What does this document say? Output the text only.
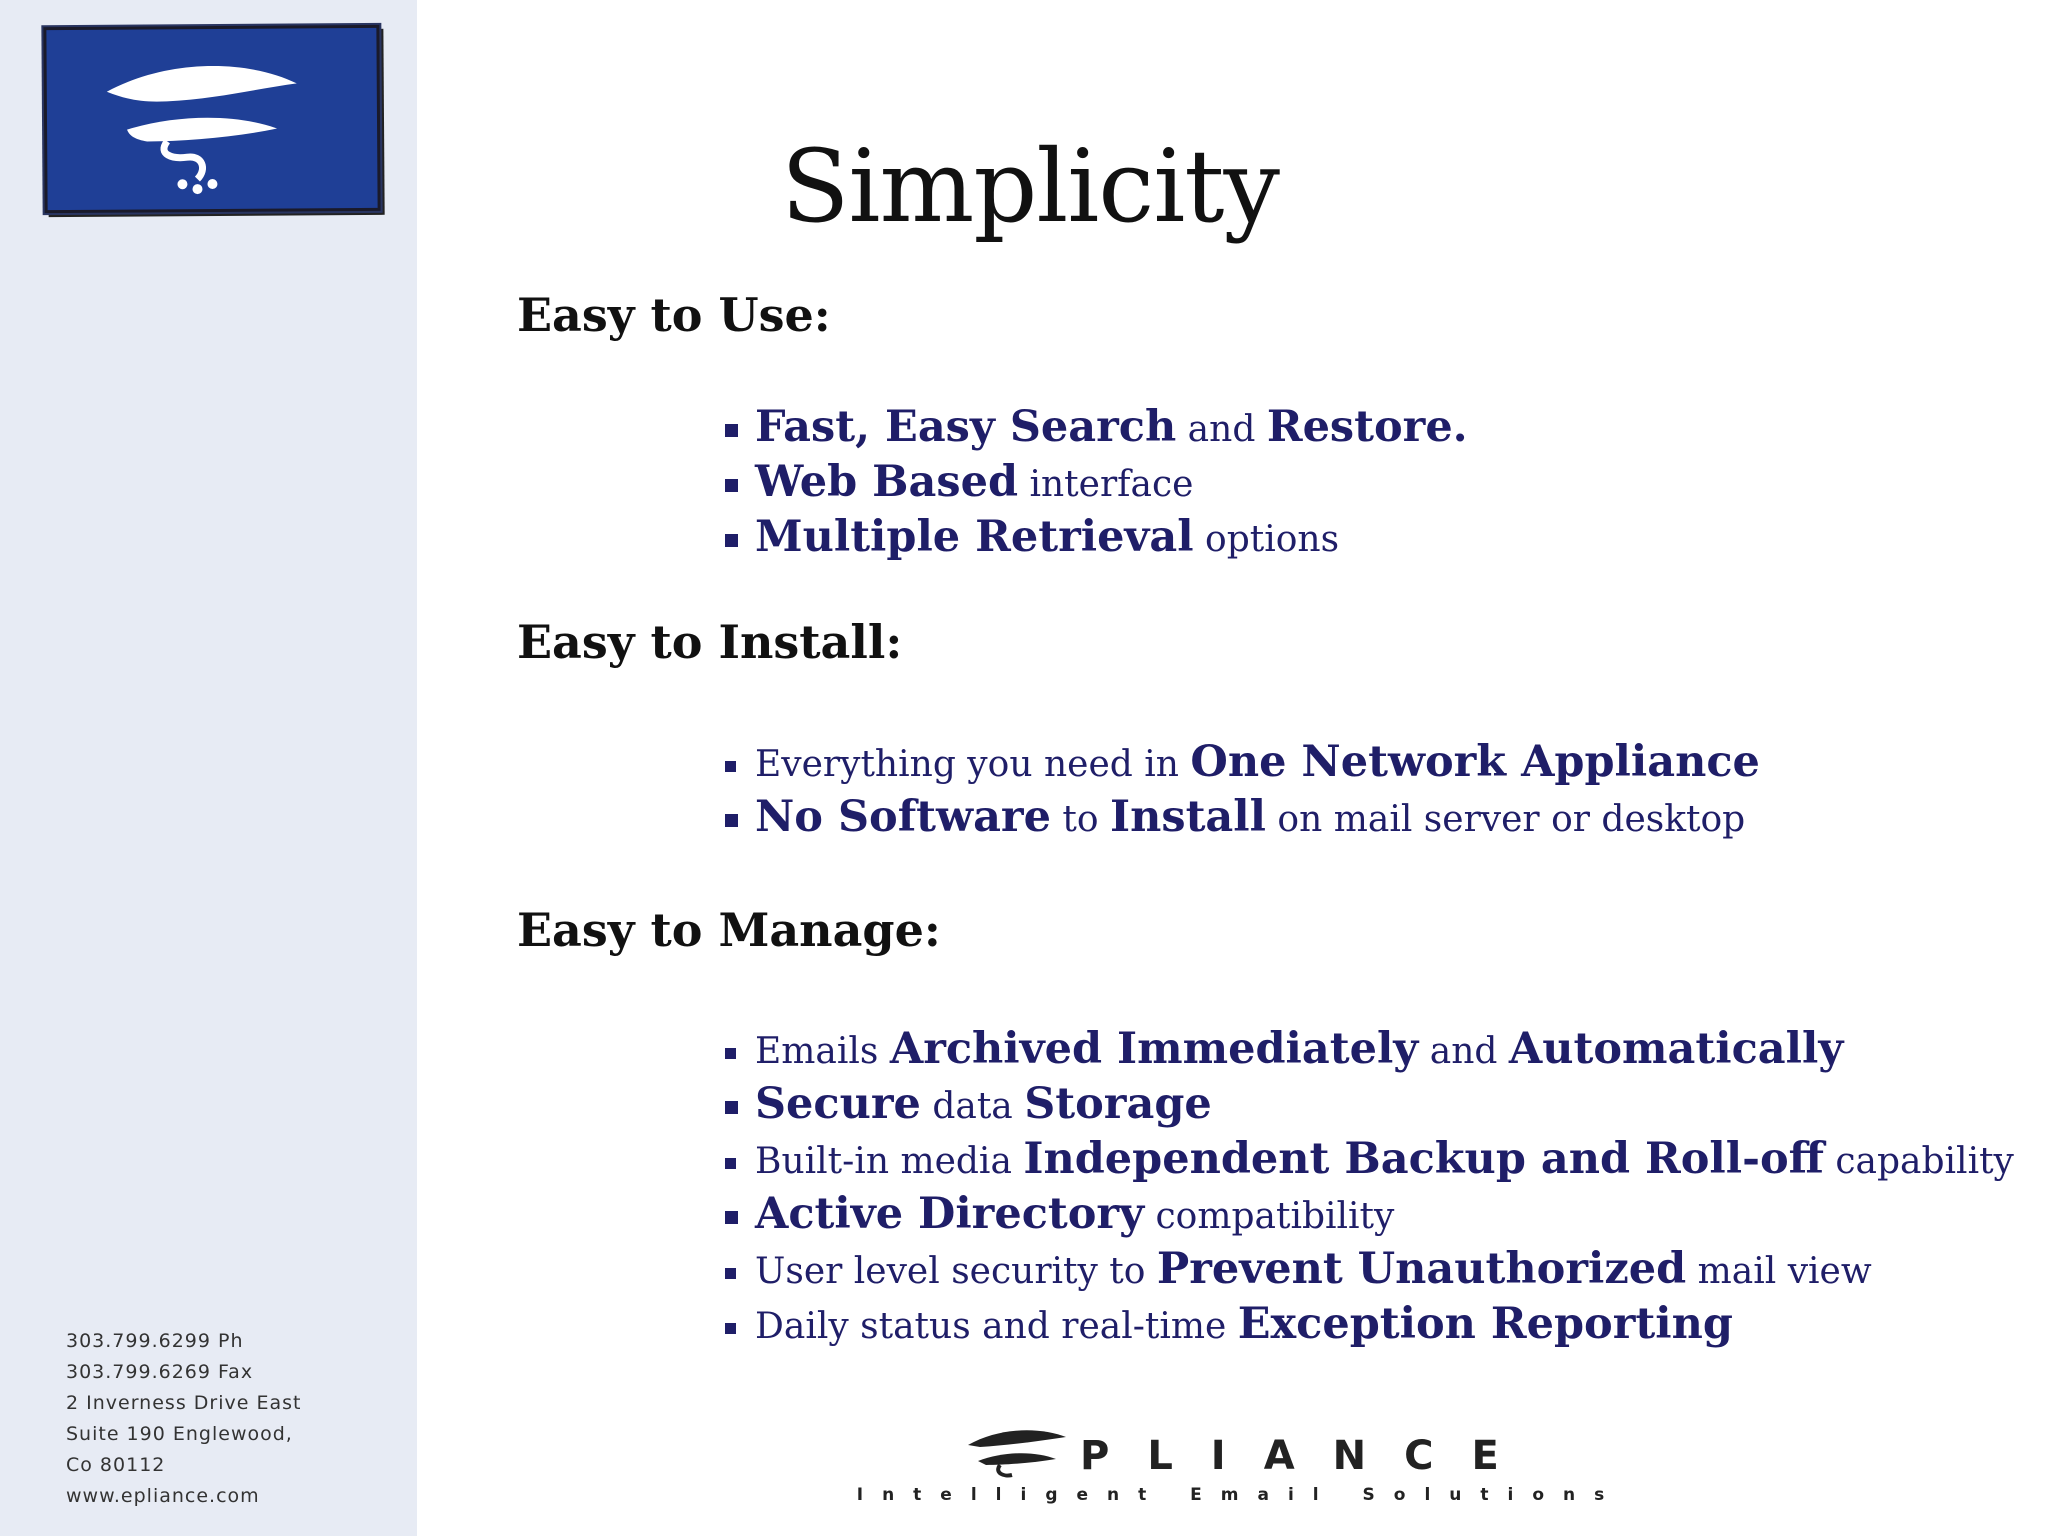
303.799.6299 Ph
303.799.6269 Fax
2 Inverness Drive East
Suite 190 Englewood,
Co 80112
www.epliance.com
Simplicity
Easy to Use:
Fast, Easy Search and Restore.
Web Based interface
Multiple Retrieval options
Easy to Install:
Everything you need in One Network Appliance
No Software to Install on mail server or desktop
Easy to Manage:
Emails Archived Immediately and Automatically
Secure data Storage
Built-in media Independent Backup and Roll-off capability
Active Directory compatibility
User level security to Prevent Unauthorized mail view
Daily status and real-time Exception Reporting
PLIANCE
Intelligent Email Solutions
